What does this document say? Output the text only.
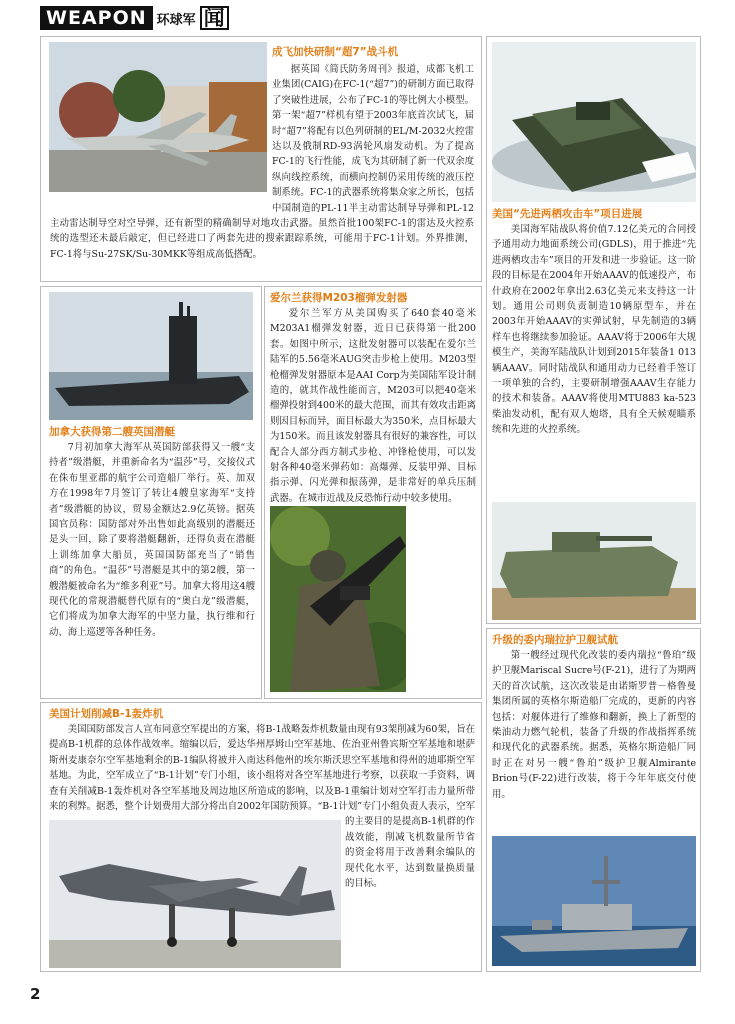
WEAPON 环球军 闻
成飞加快研制“超7”战斗机
据英国《简氏防务周刊》报道，成都飞机工业集团(CAIG)在FC-1(“超7”)的研制方面已取得了突破性进展，公布了FC-1的等比例大小模型。第一架“超7”样机有望于2003年底首次试飞，届时“超7”将配有以色列研制的EL/M-2032火控雷达以及俄制RD-93涡轮风扇发动机。为了提高FC-1的飞行性能，成飞为其研制了新一代双余度纵向线控系统，而横向控制仍采用传统的液压控制系统。FC-1的武器系统将集众家之所长，包括中国制造的PL-11半主动雷达制导导弹和PL-12主动雷达制导空对空导弹，还有新型的精确制导对地攻击武器。虽然首批100架FC-1的雷达及火控系统的选型还未最后敲定，但已经进口了两套先进的搜索跟踪系统，可能用于FC-1计划。外界推测，FC-1将与Su-27SK/Su-30MKK等组成高低搭配。
美国“先进两栖攻击车”项目进展
美国海军陆战队将价值7.12亿美元的合同授予通用动力地面系统公司(GDLS)，用于推进“先进两栖攻击车”项目的开发和进一步验证。这一阶段的目标是在2004年开始AAAV的低速投产，布什政府在2002年拿出2.63亿美元来支持这一计划。通用公司则负责制造10辆原型车，并在2003年开始AAAV的实弹试射，早先制造的3辆样车也将继续参加验证。AAAV将于2006年大规模生产，美海军陆战队计划到2015年装备1 013辆AAAV。同时陆战队和通用动力已经着手签订一项单独的合约，主要研制增强AAAV生存能力的技术和装备。AAAV将使用MTU883 ka-523柴油发动机，配有双人炮塔，具有全天候观瞄系统和先进的火控系统。
加拿大获得第二艘英国潜艇
7月初加拿大海军从英国防部获得又一艘“支持者”级潜艇，并重新命名为“温莎”号，交接仪式在侏布里亚郡的航宇公司造船厂举行。英、加双方在1998年7月签订了转让4艘皇家海军“支持者”级潜艇的协议，贸易金额达2.9亿英镑。据英国官员称：国防部对外出售如此高级别的潜艇还是头一回，除了要将潜艇翻新，还得负责在潜艇上训练加拿大船员，英国国防部充当了“销售商”的角色。“温莎”号潜艇是其中的第2艘，第一艘潜艇被命名为“维多利亚”号。加拿大将用这4艘现代化的常规潜艇替代原有的“奥白龙”级潜艇，它们将成为加拿大海军的中坚力量，执行维和行动、海上巡逻等各种任务。
爱尔兰获得M203榴弹发射器
爱尔兰军方从美国购买了640套40毫米M203A1榴弹发射器，近日已获得第一批200套。如图中所示，这批发射器可以装配在爱尔兰陆军的5.56毫米AUG突击步枪上使用。M203型枪榴弹发射器原本是AAI Corp为美国陆军设计制造的，就其作战性能而言，M203可以把40毫米榴弹投射到400米的最大范围，而其有效攻击距离则因目标而异，面目标最大为350米，点目标最大为150米。而且该发射器具有很好的兼容性，可以配合人部分西方制式步枪、冲锋枪使用，可以发射各种40毫米弹药如：高爆弹、反装甲弹、目标指示弹、闪光弹和振荡弹，是非常好的单兵压制武器。在城市近战及反恐怖行动中较多使用。
美国计划削减B-1轰炸机
美国国防部发言人宣布同意空军提出的方案，将B-1战略轰炸机数量由现有93架削减为60架，旨在提高B-1机群的总体作战效率。缩编以后，爱达华州厚姆山空军基地、佐治亚州鲁宾斯空军基地和堪萨斯州麦康奈尔空军基地剩余的B-1编队将被并入南达科他州的埃尔斯沃思空军基地和得州的迪耶斯空军基地。为此，空军成立了“B-1计划”专门小组，该小组将对各空军基地进行考察，以获取一手资料，调查有关削减B-1轰炸机对各空军基地及周边地区所造成的影响，以及B-1重编计划对空军打击力量所带来的利弊。据悉，整个计划费用大部分将出自2002年国防预算。“B-1计划”专门小组负责人表示，空军的主要目的是提高B-1机群的作战效能，削减飞机数量所节省的资金将用于改善剩余编队的现代化水平，达到数量换质量的目标。
升级的委内瑞拉护卫舰试航
第一艘经过现代化改装的委内瑞拉“鲁珀”级护卫舰Mariscal Sucre号(F-21)，进行了为期两天的首次试航，这次改装是由诺斯罗普－格鲁曼集团所属的英格尔斯造船厂完成的，更新的内容包括：对舰体进行了维修和翻新，换上了新型的柴油动力燃气轮机，装备了升级的作战指挥系统和现代化的武器系统。据悉，英格尔斯造船厂同时正在对另一艘“鲁珀”级护卫舰Almirante Brion号(F-22)进行改装，将于今年年底交付使用。
2
